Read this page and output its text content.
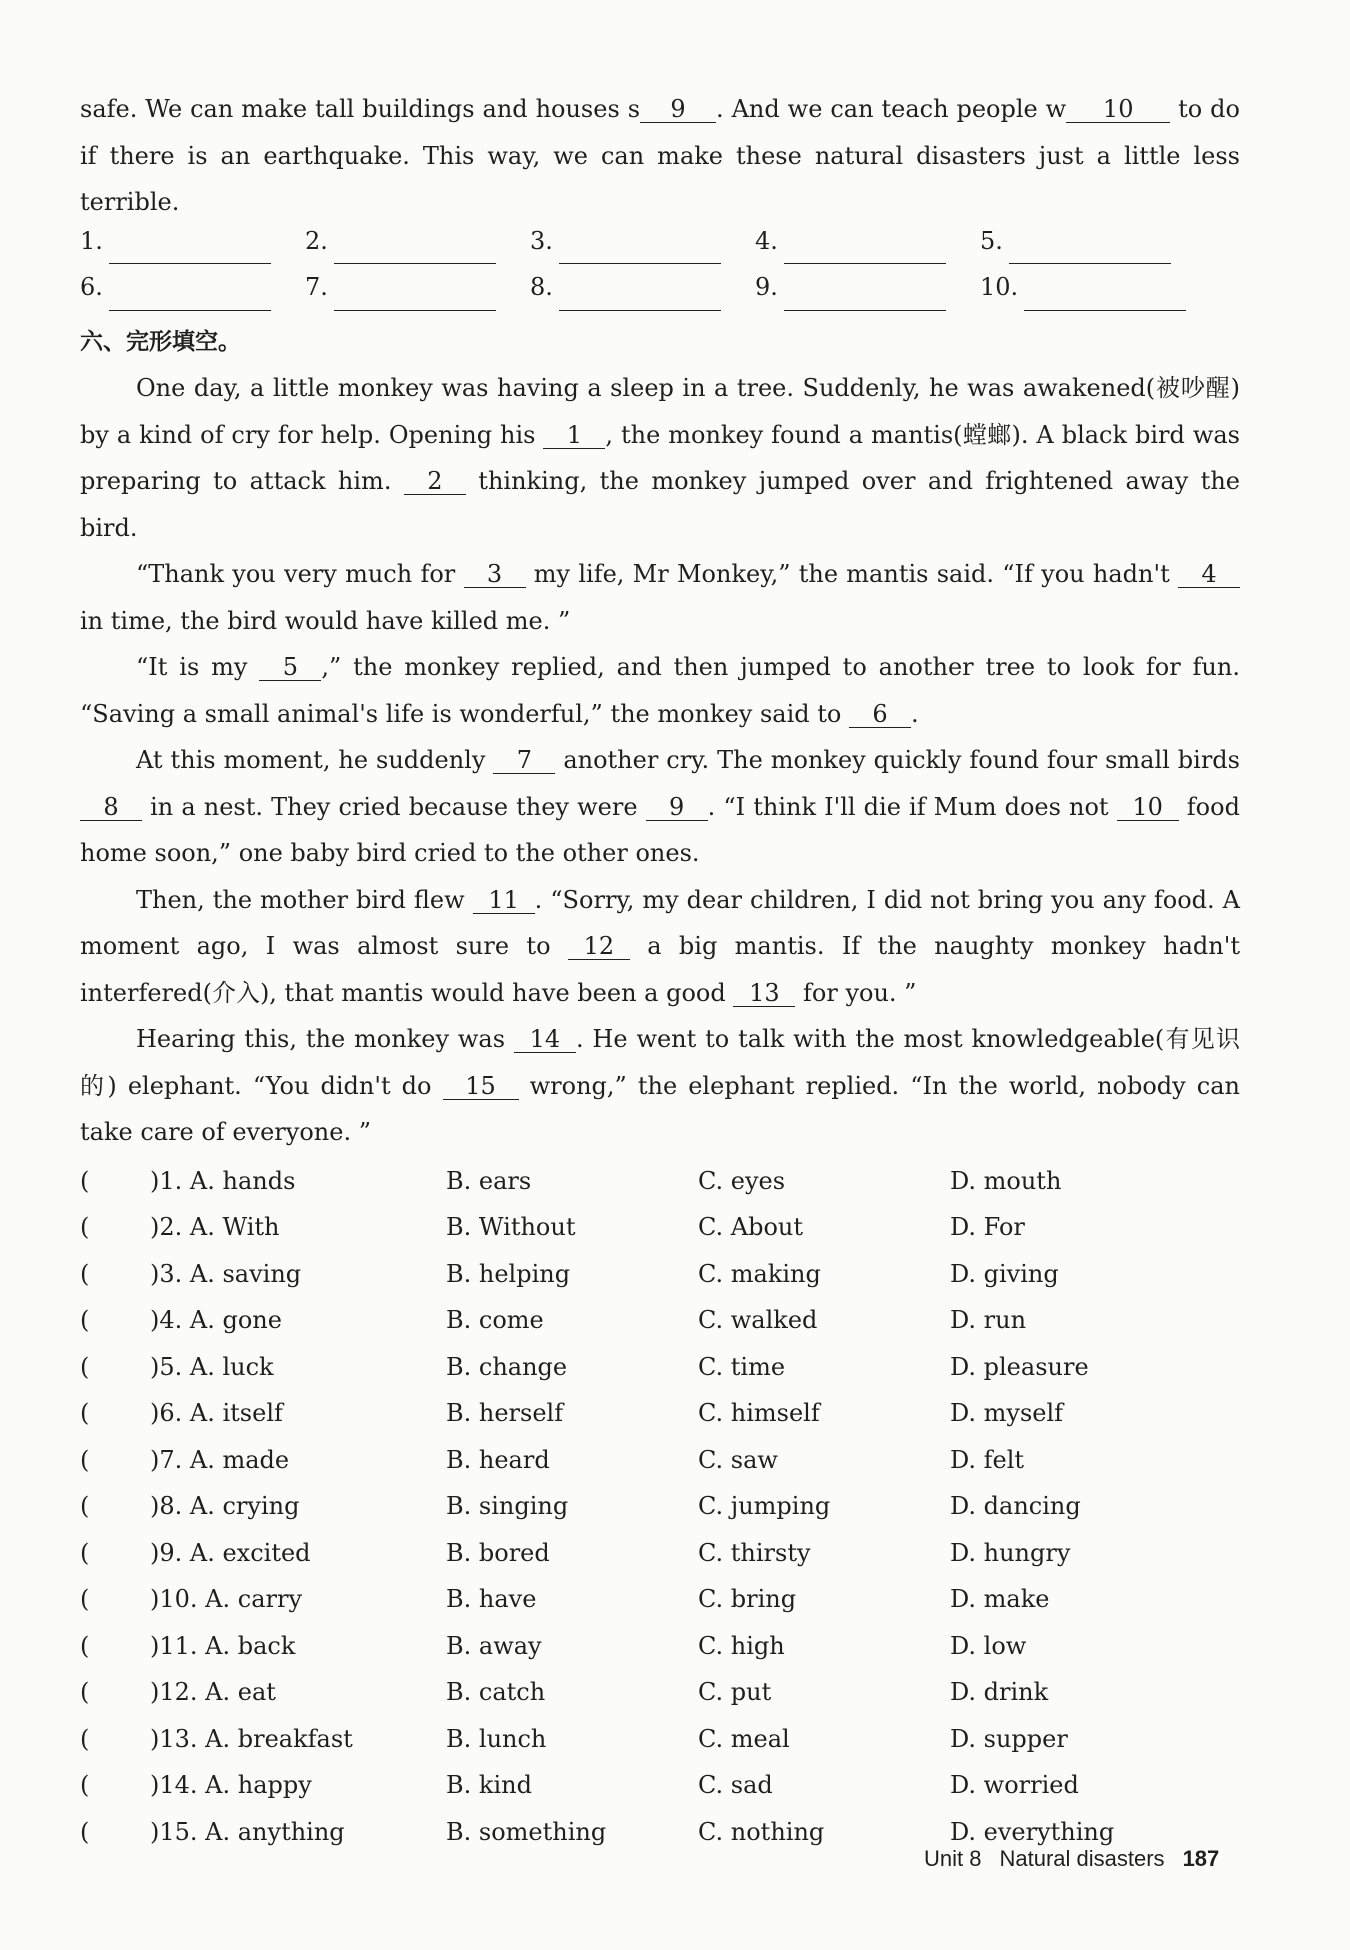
safe. We can make tall buildings and houses s 9 . And we can teach people w 10 to do if there is an earthquake. This way, we can make these natural disasters just a little less terrible.

1.	2.	3.	4.	5.
6.	7.	8.	9.	10.

六、完形填空。

One day, a little monkey was having a sleep in a tree. Suddenly, he was awakened(被吵醒) by a kind of cry for help. Opening his 1 , the monkey found a mantis(螳螂). A black bird was preparing to attack him. 2 thinking, the monkey jumped over and frightened away the bird.

“Thank you very much for 3 my life, Mr Monkey,” the mantis said. “If you hadn't 4 in time, the bird would have killed me. ”

“It is my 5 ,” the monkey replied, and then jumped to another tree to look for fun. “Saving a small animal's life is wonderful,” the monkey said to 6 .

At this moment, he suddenly 7 another cry. The monkey quickly found four small birds 8 in a nest. They cried because they were 9 . “I think I'll die if Mum does not 10 food home soon,” one baby bird cried to the other ones.

Then, the mother bird flew 11 . “Sorry, my dear children, I did not bring you any food. A moment ago, I was almost sure to 12 a big mantis. If the naughty monkey hadn't interfered(介入), that mantis would have been a good 13 for you. ”

Hearing this, the monkey was 14 . He went to talk with the most knowledgeable(有见识的) elephant. “You didn't do 15 wrong,” the elephant replied. “In the world, nobody can take care of everyone. ”

(	)1. A. hands	B. ears	C. eyes	D. mouth
(	)2. A. With	B. Without	C. About	D. For
(	)3. A. saving	B. helping	C. making	D. giving
(	)4. A. gone	B. come	C. walked	D. run
(	)5. A. luck	B. change	C. time	D. pleasure
(	)6. A. itself	B. herself	C. himself	D. myself
(	)7. A. made	B. heard	C. saw	D. felt
(	)8. A. crying	B. singing	C. jumping	D. dancing
(	)9. A. excited	B. bored	C. thirsty	D. hungry
(	)10. A. carry	B. have	C. bring	D. make
(	)11. A. back	B. away	C. high	D. low
(	)12. A. eat	B. catch	C. put	D. drink
(	)13. A. breakfast	B. lunch	C. meal	D. supper
(	)14. A. happy	B. kind	C. sad	D. worried
(	)15. A. anything	B. something	C. nothing	D. everything
Unit 8 Natural disasters 187
